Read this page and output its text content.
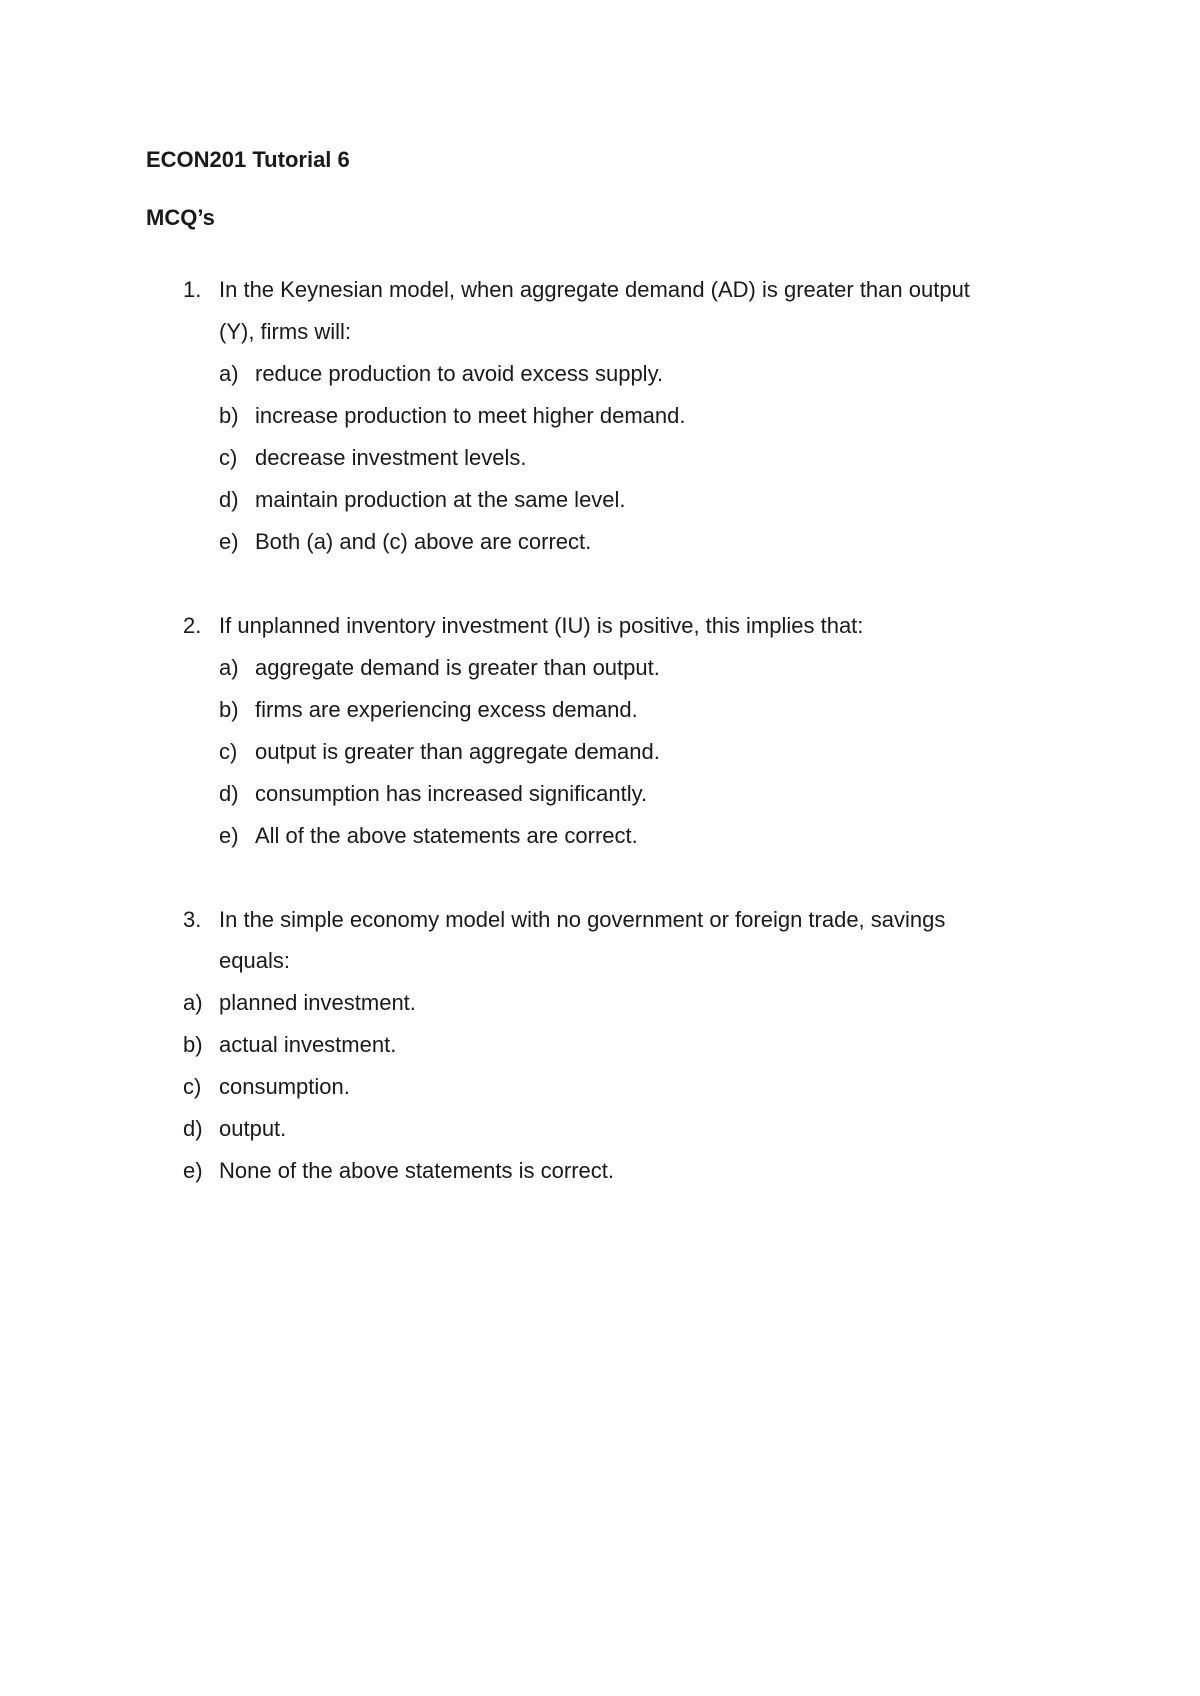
ECON201 Tutorial 6
MCQ’s
1. In the Keynesian model, when aggregate demand (AD) is greater than output
(Y), firms will:
a) reduce production to avoid excess supply.
b) increase production to meet higher demand.
c) decrease investment levels.
d) maintain production at the same level.
e) Both (a) and (c) above are correct.
2. If unplanned inventory investment (IU) is positive, this implies that:
a) aggregate demand is greater than output.
b) firms are experiencing excess demand.
c) output is greater than aggregate demand.
d) consumption has increased significantly.
e) All of the above statements are correct.
3. In the simple economy model with no government or foreign trade, savings
equals:
a) planned investment.
b) actual investment.
c) consumption.
d) output.
e) None of the above statements is correct.
